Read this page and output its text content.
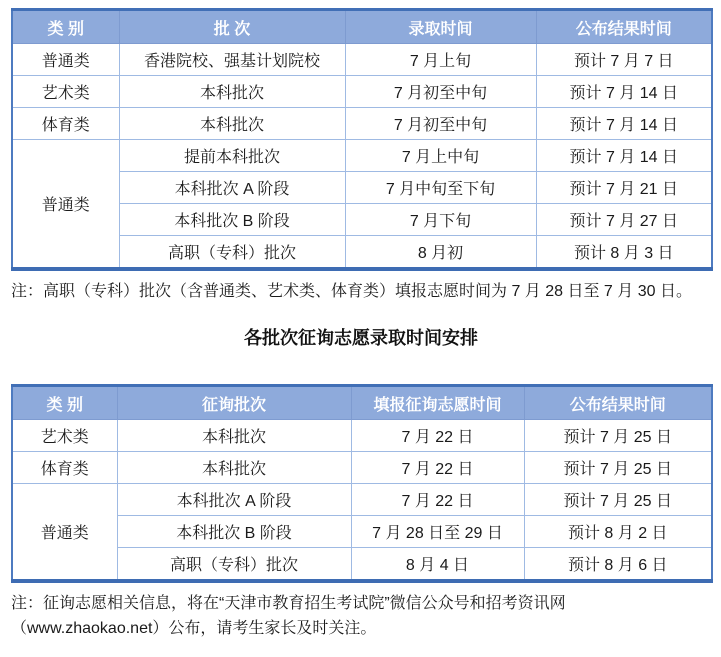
类 别	批 次	录取时间	公布结果时间
普通类	香港院校、强基计划院校	7 月上旬	预计 7 月 7 日
艺术类	本科批次	7 月初至中旬	预计 7 月 14 日
体育类	本科批次	7 月初至中旬	预计 7 月 14 日
普通类	提前本科批次	7 月上中旬	预计 7 月 14 日
	本科批次 A 阶段	7 月中旬至下旬	预计 7 月 21 日
	本科批次 B 阶段	7 月下旬	预计 7 月 27 日
	高职（专科）批次	8 月初	预计 8 月 3 日

注：高职（专科）批次（含普通类、艺术类、体育类）填报志愿时间为 7 月 28 日至 7 月 30 日。

各批次征询志愿录取时间安排
类 别	征询批次	填报征询志愿时间	公布结果时间
艺术类	本科批次	7 月 22 日	预计 7 月 25 日
体育类	本科批次	7 月 22 日	预计 7 月 25 日
普通类	本科批次 A 阶段	7 月 22 日	预计 7 月 25 日
	本科批次 B 阶段	7 月 28 日至 29 日	预计 8 月 2 日
	高职（专科）批次	8 月 4 日	预计 8 月 6 日

注：征询志愿相关信息，将在“天津市教育招生考试院”微信公众号和招考资讯网（www.zhaokao.net）公布，请考生家长及时关注。
